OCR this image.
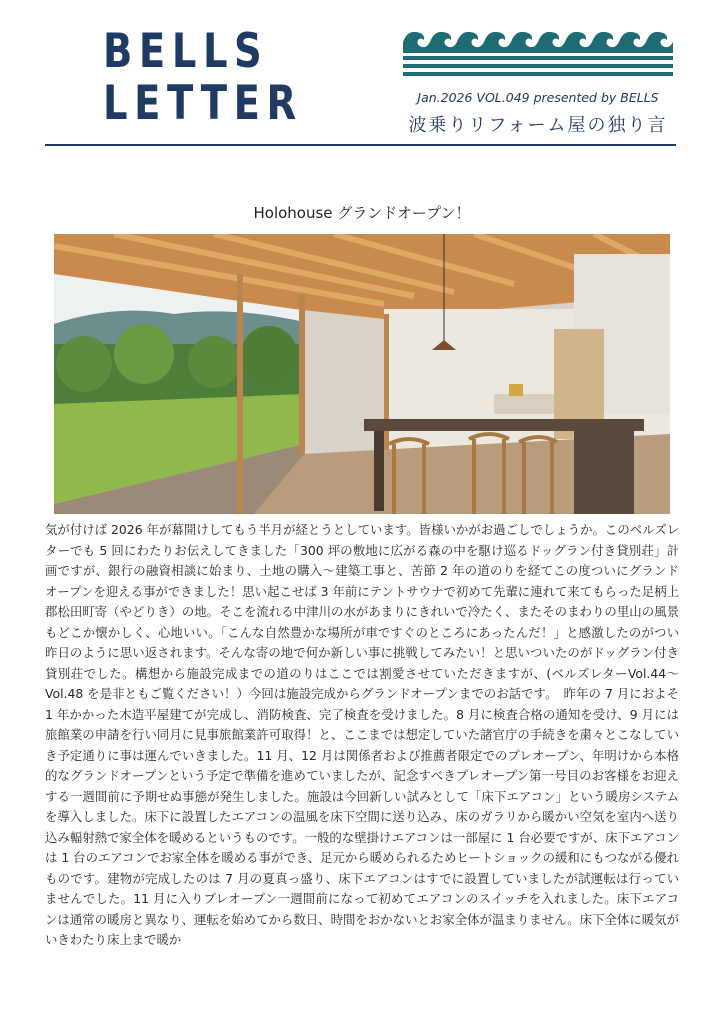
BELLS
LETTER	Jan.2026 VOL.049 presented by BELLS
波乗りリフォーム屋の独り言
Holohouse グランドオープン！

気が付けば 2026 年が幕開けしてもう半月が経とうとしています。皆様いかがお過ごしでしょうか。このベルズレターでも 5 回にわたりお伝えしてきました「300 坪の敷地に広がる森の中を駆け巡るドッグラン付き貸別荘」計画ですが、銀行の融資相談に始まり、土地の購入～建築工事と、苦節 2 年の道のりを経てこの度ついにグランドオープンを迎える事ができました！思い起こせば 3 年前にテントサウナで初めて先輩に連れて来てもらった足柄上郡松田町寄（やどりき）の地。そこを流れる中津川の水があまりにきれいで冷たく、またそのまわりの里山の風景もどこか懐かしく、心地いい。「こんな自然豊かな場所が車ですぐのところにあったんだ！」と感激したのがつい昨日のように思い返されます。そんな寄の地で何か新しい事に挑戦してみたい！と思いついたのがドッグラン付き貸別荘でした。構想から施設完成までの道のりはここでは割愛させていただきますが、(ベルズレターVol.44～Vol.48 を是非ともご覧ください！）今回は施設完成からグランドオープンまでのお話です。　昨年の 7 月におよそ 1 年かかった木造平屋建てが完成し、消防検査、完了検査を受けました。8 月に検査合格の通知を受け、9 月には旅館業の申請を行い同月に見事旅館業許可取得！と、ここまでは想定していた諸官庁の手続きを粛々とこなしていき予定通りに事は運んでいきました。11 月、12 月は関係者および推薦者限定でのプレオープン、年明けから本格的なグランドオープンという予定で準備を進めていましたが、記念すべきプレオープン第一号目のお客様をお迎えする一週間前に予期せぬ事態が発生しました。施設は今回新しい試みとして「床下エアコン」という暖房システムを導入しました。床下に設置したエアコンの温風を床下空間に送り込み、床のガラリから暖かい空気を室内へ送り込み輻射熱で家全体を暖めるというものです。一般的な壁掛けエアコンは一部屋に 1 台必要ですが、床下エアコンは 1 台のエアコンでお家全体を暖める事ができ、足元から暖められるためヒートショックの緩和にもつながる優れものです。建物が完成したのは 7 月の夏真っ盛り、床下エアコンはすでに設置していましたが試運転は行っていませんでした。11 月に入りプレオープン一週間前になって初めてエアコンのスイッチを入れました。床下エアコンは通常の暖房と異なり、運転を始めてから数日、時間をおかないとお家全体が温まりません。床下全体に暖気がいきわたり床上まで暖か
